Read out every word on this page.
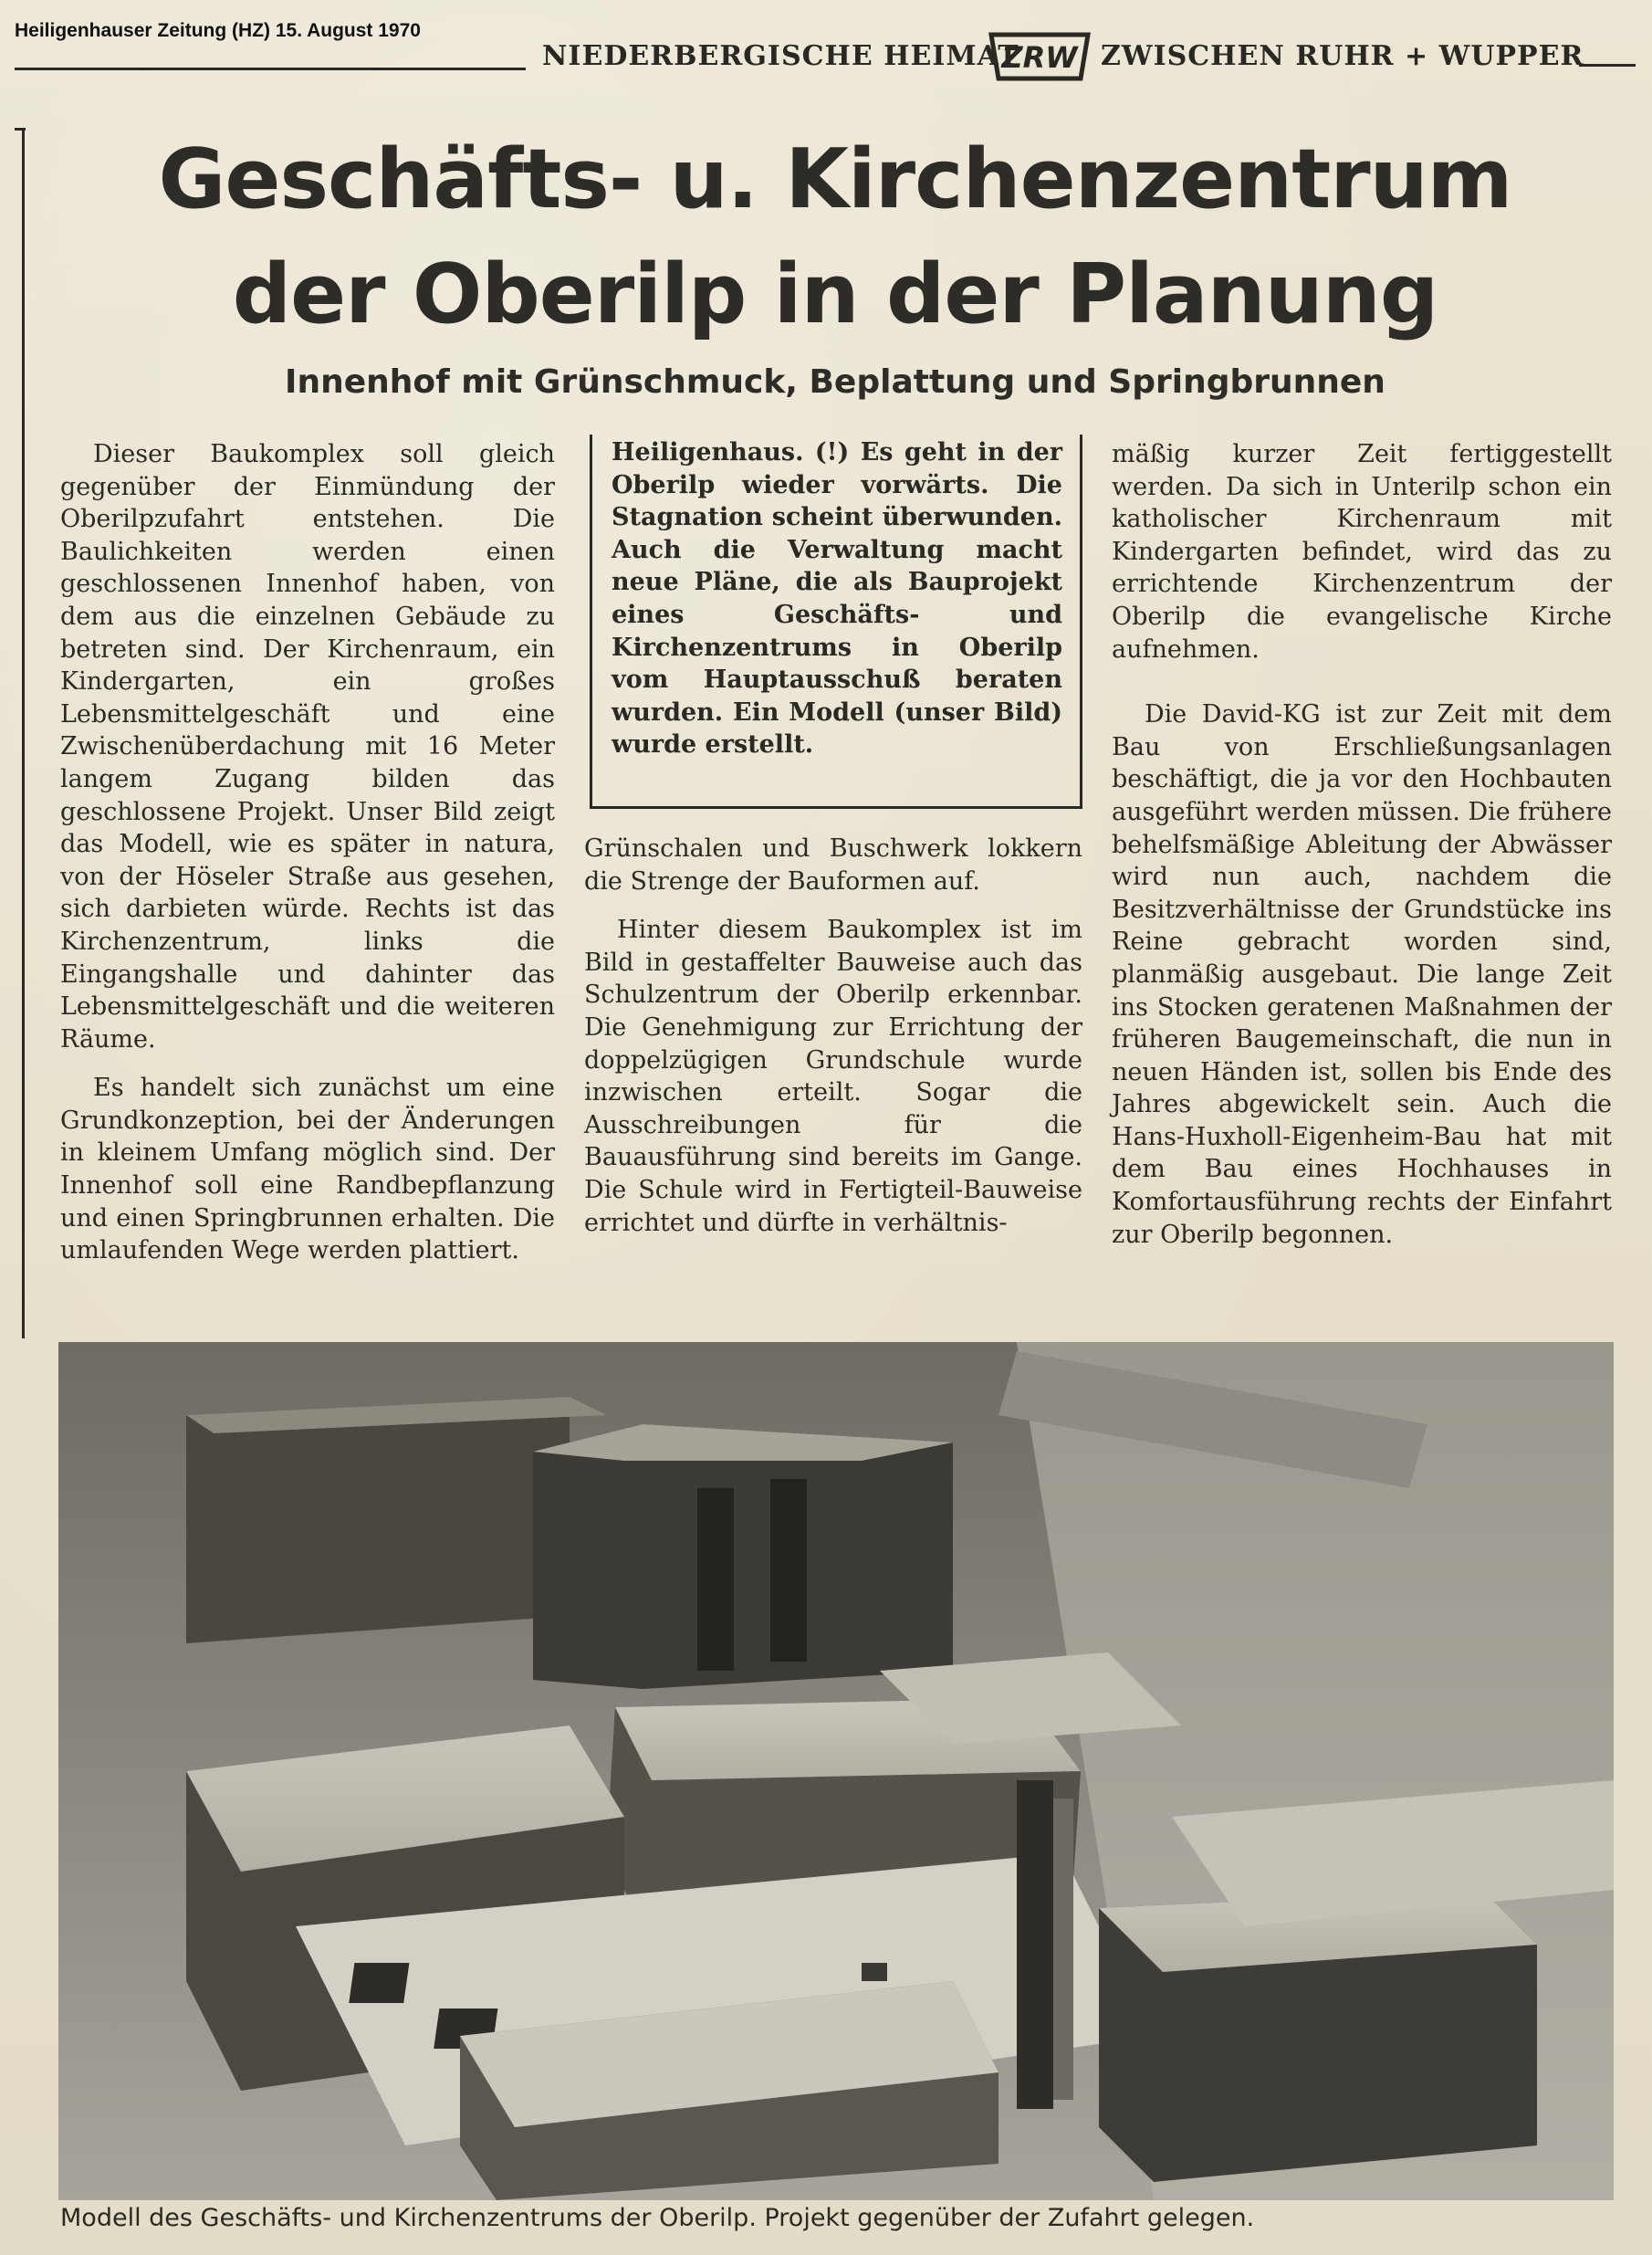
Heiligenhauser Zeitung (HZ) 15. August 1970
NIEDERBERGISCHE HEIMAT
ZRW ZWISCHEN RUHR + WUPPER
Geschäfts- u. Kirchenzentrum
der Oberilp in der Planung
Innenhof mit Grünschmuck, Beplattung und Springbrunnen

Dieser Baukomplex soll gleich gegenüber der Einmündung der Oberilpzufahrt entstehen. Die Baulichkeiten werden einen geschlossenen Innenhof haben, von dem aus die einzelnen Gebäude zu betreten sind. Der Kirchenraum, ein Kindergarten, ein großes Lebensmittelgeschäft und eine Zwischenüberdachung mit 16 Meter langem Zugang bilden das geschlossene Projekt. Unser Bild zeigt das Modell, wie es später in natura, von der Höseler Straße aus gesehen, sich darbieten würde. Rechts ist das Kirchenzentrum, links die Eingangshalle und dahinter das Lebensmittelgeschäft und die weiteren Räume.

Es handelt sich zunächst um eine Grundkonzeption, bei der Änderungen in kleinem Umfang möglich sind. Der Innenhof soll eine Randbepflanzung und einen Springbrunnen erhalten. Die umlaufenden Wege werden plattiert.

Heiligenhaus. (!) Es geht in der Oberilp wieder vorwärts. Die Stagnation scheint überwunden. Auch die Verwaltung macht neue Pläne, die als Bauprojekt eines Geschäfts- und Kirchenzentrums in Oberilp vom Hauptausschuß beraten wurden. Ein Modell (unser Bild) wurde erstellt.

Grünschalen und Buschwerk lokkern die Strenge der Bauformen auf.

Hinter diesem Baukomplex ist im Bild in gestaffelter Bauweise auch das Schulzentrum der Oberilp erkennbar. Die Genehmigung zur Errichtung der doppelzügigen Grundschule wurde inzwischen erteilt. Sogar die Ausschreibungen für die Bauausführung sind bereits im Gange. Die Schule wird in Fertigteil-Bauweise errichtet und dürfte in verhältnis-

mäßig kurzer Zeit fertiggestellt werden. Da sich in Unterilp schon ein katholischer Kirchenraum mit Kindergarten befindet, wird das zu errichtende Kirchenzentrum der Oberilp die evangelische Kirche aufnehmen.

Die David-KG ist zur Zeit mit dem Bau von Erschließungsanlagen beschäftigt, die ja vor den Hochbauten ausgeführt werden müssen. Die frühere behelfsmäßige Ableitung der Abwässer wird nun auch, nachdem die Besitzverhältnisse der Grundstücke ins Reine gebracht worden sind, planmäßig ausgebaut. Die lange Zeit ins Stocken geratenen Maßnahmen der früheren Baugemeinschaft, die nun in neuen Händen ist, sollen bis Ende des Jahres abgewickelt sein. Auch die Hans-Huxholl-Eigenheim-Bau hat mit dem Bau eines Hochhauses in Komfortausführung rechts der Einfahrt zur Oberilp begonnen.

Modell des Geschäfts- und Kirchenzentrums der Oberilp. Projekt gegenüber der Zufahrt gelegen.
